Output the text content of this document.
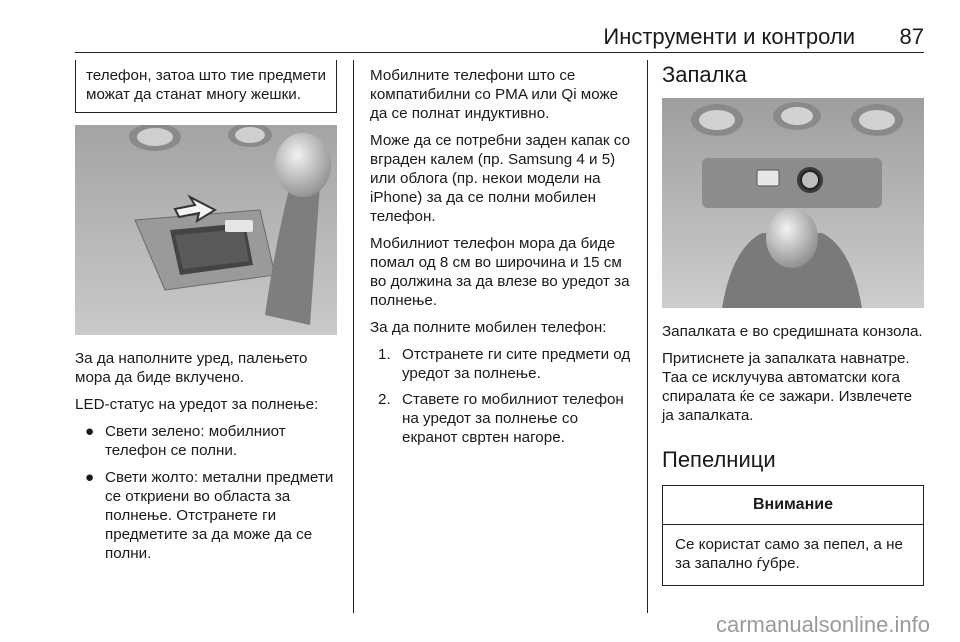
Инструменти и контроли 87
телефон, затоа што тие предмети можат да станат многу жешки.

За да наполните уред, палењето мора да биде вклучено.

LED-статус на уредот за полнење:

● Свети зелено: мобилниот телефон се полни.
● Свети жолто: метални предмети се откриени во областа за полнење. Отстранете ги предметите за да може да се полни.

Мобилните телефони што се компатибилни со PMA или Qi може да се полнат индуктивно.

Може да се потребни заден капак со вграден калем (пр. Samsung 4 и 5) или облога (пр. некои модели на iPhone) за да се полни мобилен телефон.

Мобилниот телефон мора да биде помал од 8 см во широчина и 15 см во должина за да влезе во уредот за полнење.

За да полните мобилен телефон:

1. Отстранете ги сите предмети од уредот за полнење.
2. Ставете го мобилниот телефон на уредот за полнење со екранот свртен нагоре.
Запалка

Запалката е во средишната конзола.

Притиснете ја запалката навнатре. Таа се исклучува автоматски кога спиралата ќе се зажари. Извлечете ја запалката.

Пепелници
Внимание
Се користат само за пепел, а не за запално ѓубре.
carmanualsonline.info
